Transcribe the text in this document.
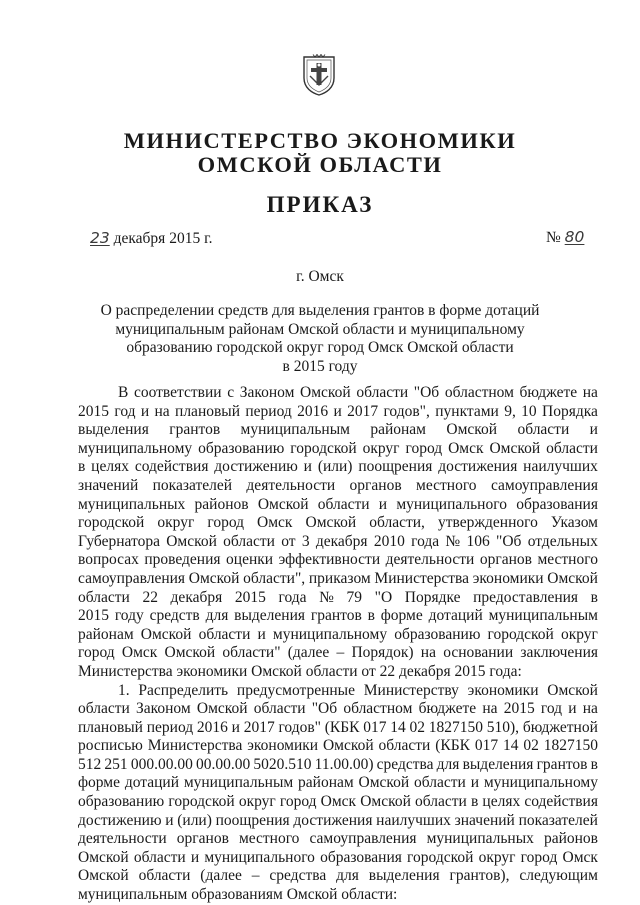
МИНИСТЕРСТВО ЭКОНОМИКИ
ОМСКОЙ ОБЛАСТИ
ПРИКАЗ
23 декабря 2015 г.	№ 80
г. Омск
О распределении средств для выделения грантов в форме дотаций
муниципальным районам Омской области и муниципальному
образованию городской округ город Омск Омской области
в 2015 году
В соответствии с Законом Омской области "Об областном бюджете на
2015 год и на плановый период 2016 и 2017 годов", пунктами 9, 10 Порядка
выделения грантов муниципальным районам Омской области и
муниципальному образованию городской округ город Омск Омской области
в целях содействия достижению и (или) поощрения достижения наилучших
значений показателей деятельности органов местного самоуправления
муниципальных районов Омской области и муниципального образования
городской округ город Омск Омской области, утвержденного Указом
Губернатора Омской области от 3 декабря 2010 года № 106 "Об отдельных
вопросах проведения оценки эффективности деятельности органов местного
самоуправления Омской области", приказом Министерства экономики Омской
области 22 декабря 2015 года № 79 "О Порядке предоставления в
2015 году средств для выделения грантов в форме дотаций муниципальным
районам Омской области и муниципальному образованию городской округ
город Омск Омской области" (далее – Порядок) на основании заключения
Министерства экономики Омской области от 22 декабря 2015 года:
1. Распределить предусмотренные Министерству экономики Омской
области Законом Омской области "Об областном бюджете на 2015 год и на
плановый период 2016 и 2017 годов" (КБК 017 14 02 1827150 510), бюджетной
росписью Министерства экономики Омской области (КБК 017 14 02 1827150
512 251 000.00.00 00.00.00 5020.510 11.00.00) средства для выделения грантов в
форме дотаций муниципальным районам Омской области и муниципальному
образованию городской округ город Омск Омской области в целях содействия
достижению и (или) поощрения достижения наилучших значений показателей
деятельности органов местного самоуправления муниципальных районов
Омской области и муниципального образования городской округ город Омск
Омской области (далее – средства для выделения грантов), следующим
муниципальным образованиям Омской области:
